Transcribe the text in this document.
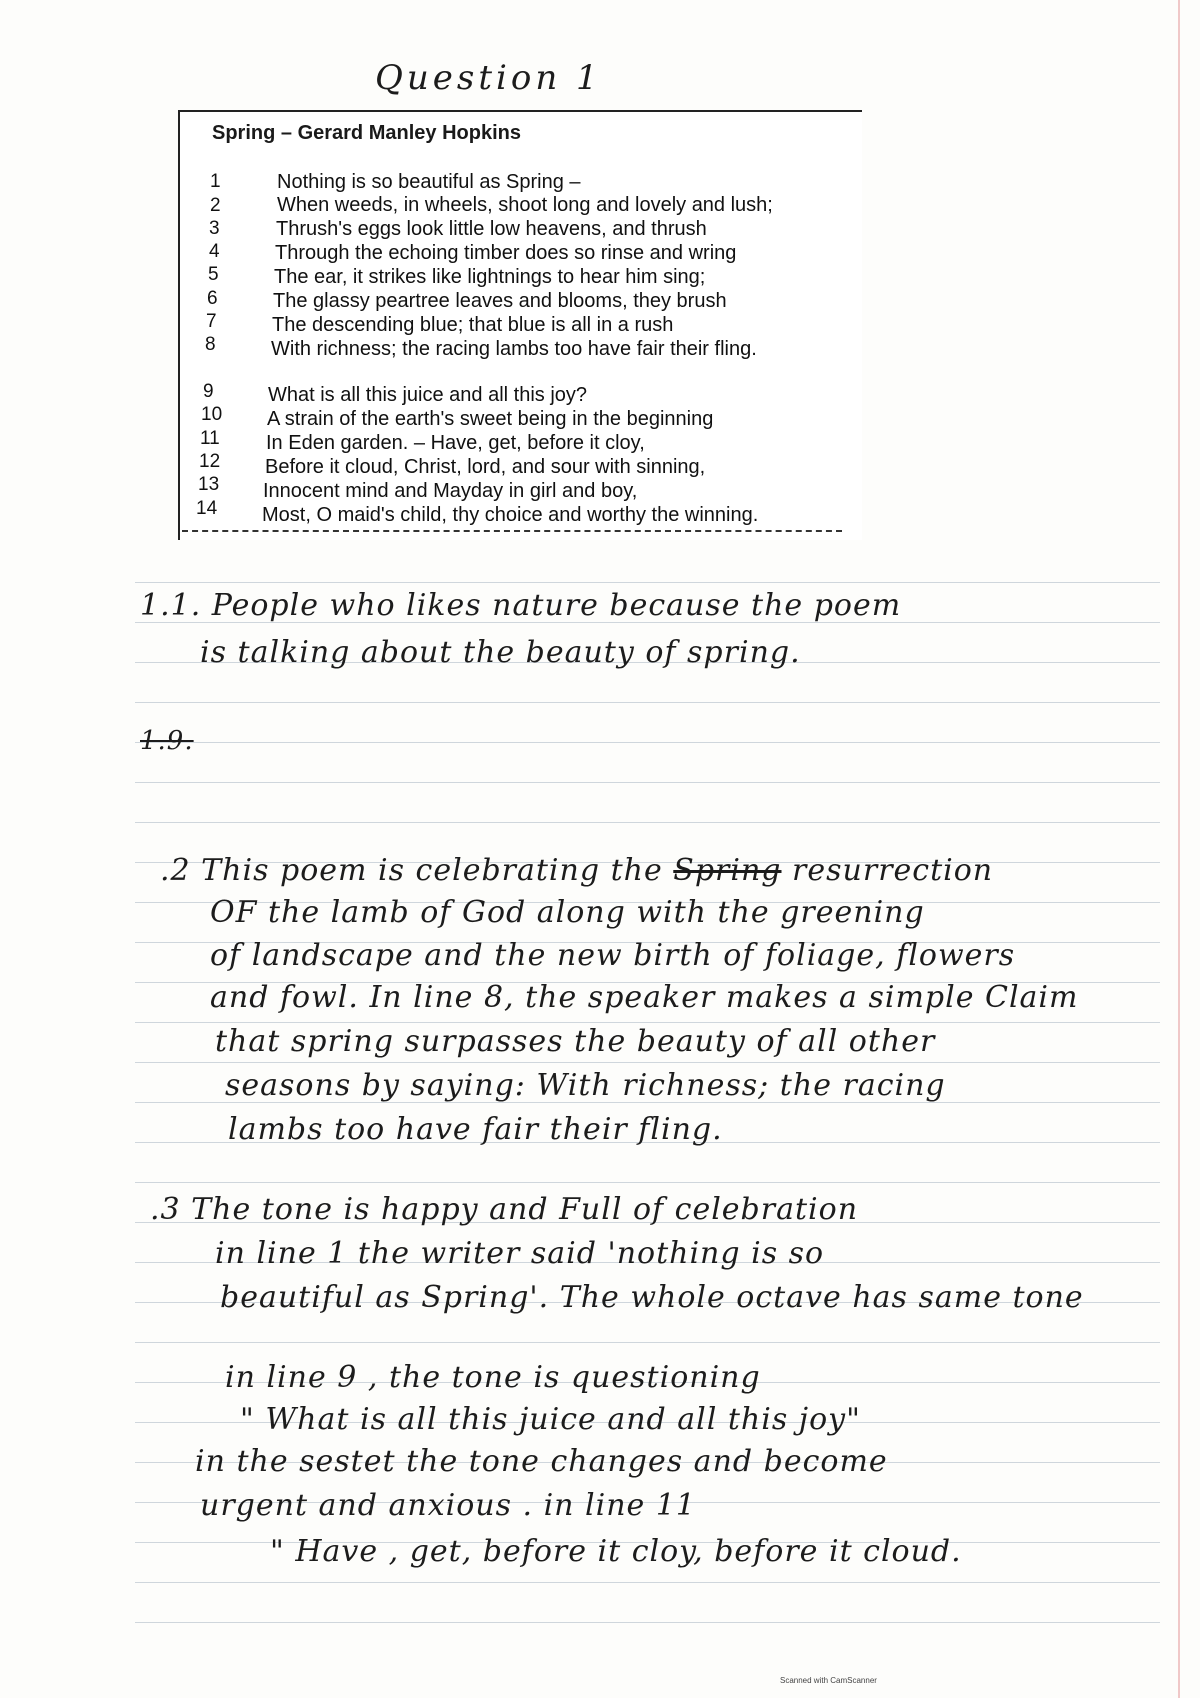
Question 1
Spring – Gerard Manley Hopkins
1	Nothing is so beautiful as Spring –
2	When weeds, in wheels, shoot long and lovely and lush;
3	Thrush's eggs look little low heavens, and thrush
4	Through the echoing timber does so rinse and wring
5	The ear, it strikes like lightnings to hear him sing;
6	The glassy peartree leaves and blooms, they brush
7	The descending blue; that blue is all in a rush
8	With richness; the racing lambs too have fair their fling.
9	What is all this juice and all this joy?
10 A strain of the earth's sweet being in the beginning
11 In Eden garden. – Have, get, before it cloy,
12 Before it cloud, Christ, lord, and sour with sinning,
13 Innocent mind and Mayday in girl and boy,
14 Most, O maid's child, thy choice and worthy the winning.
1.1. People who likes nature because the poem
is talking about the beauty of spring.
1.9.
.2 This poem is celebrating the Spring resurrection
OF the lamb of God along with the greening
of landscape and the new birth of foliage, flowers
and fowl. In line 8, the speaker makes a simple Claim
that spring surpasses the beauty of all other
seasons by saying: With richness; the racing
lambs too have fair their fling.
.3 The tone is happy and Full of celebration
in line 1 the writer said 'nothing is so
beautiful as Spring'. The whole octave has same tone
in line 9 , the tone is questioning
" What is all this juice and all this joy"
in the sestet the tone changes and become
urgent and anxious . in line 11
" Have , get, before it cloy, before it cloud.
Scanned with CamScanner
